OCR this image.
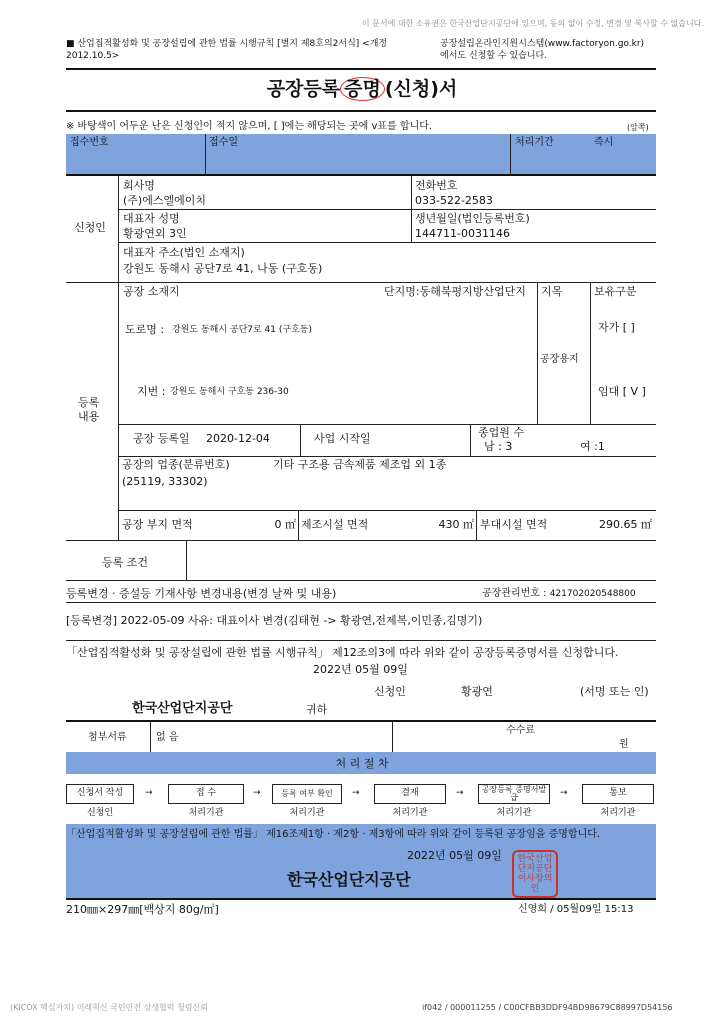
이 문서에 대한 소유권은 한국산업단지공단에 있으며, 동의 없이 수정, 변경 및 복사할 수 없습니다.
■ 산업집적활성화 및 공장설립에 관한 법률 시행규칙 [별지 제8호의2서식] <개정
2012.10.5>
공장설립온라인지원시스템(www.factoryon.go.kr)
에서도 신청할 수 있습니다.
공장등록 증명 (신청)서
※ 바탕색이 어두운 난은 신청인이 적지 않으며, [ ]에는 해당되는 곳에 v표를 합니다.	(앞쪽)
접수번호	접수일	처리기간	즉시
신청인
회사명
(주)에스엘에이치
전화번호
033-522-2583
대표자 성명
황광연외 3인
생년월일(법인등록번호)
144711-0031146
대표자 주소(법인 소재지)
강원도 동해시 공단7로 41, 나동 (구호동)
등록
내용
공장 소재지	단지명:동해북평지방산업단지 지목	보유구분
도로명 : 강원도 동해시 공단7로 41 (구호동)
지번 : 강원도 동해시 구호동 236-30
공장용지
자가 [ ]
임대 [ V ]
공장 등록일 2020-12-04	사업 시작일	종업원 수
남 : 3	여 :1
공장의 업종(분류번호)	기타 구조용 금속제품 제조업 외 1종
(25119, 33302)
공장 부지 면적	0 ㎡ 제조시설 면적	430 ㎡ 부대시설 면적	290.65 ㎡
등록 조건
등록변경 · 증설등 기재사항 변경내용(변경 날짜 및 내용)	공장관리번호 : 421702020548800
[등록변경] 2022-05-09 사유: 대표이사 변경(김태현 -> 황광연,전제복,이민종,김명기)
「산업집적활성화 및 공장설립에 관한 법률 시행규칙」 제12조의3에 따라 위와 같이 공장등록증명서를 신청합니다.
2022년 05월 09일
신청인	황광연	(서명 또는 인)
한국산업단지공단	귀하
첨부서류	없 음
수수료
원
처 리 절 차
신청서 작성	→	접 수	→	등록 여부 확인	→	결재	→	공장등록 증명서발급	→	통보
신청인	처리기관	처리기관	처리기관	처리기관	처리기관
「산업집적활성화 및 공장설립에 관한 법률」 제16조제1항 · 제2항 · 제3항에 따라 위와 같이 등록된 공장임을 증명합니다.
2022년 05월 09일
한국산업단지공단
한국산업단지공단이사장의인
210㎜×297㎜[백상지 80g/㎡]	신영희 / 05월09일 15:13
(KICOX 핵심가치) 미래혁신 국민안전 상생협력 청렴신뢰	if042 / 000011255 / C00CFBB3DDF94BD98679C88997D54156
